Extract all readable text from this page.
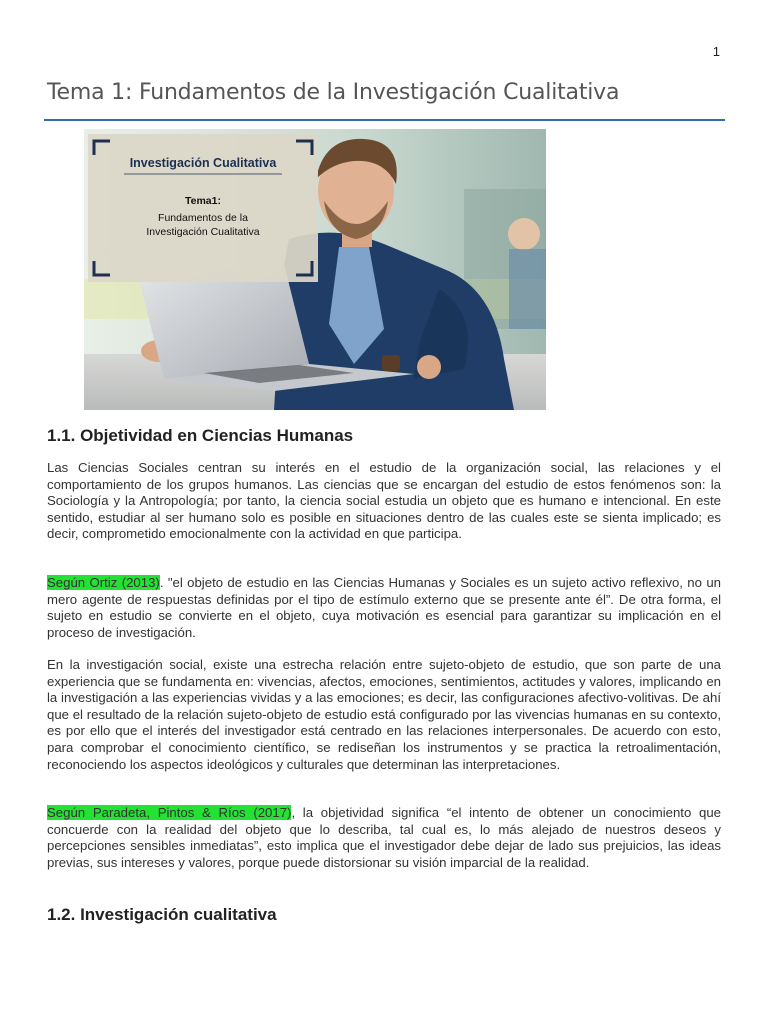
1
Tema 1: Fundamentos de la Investigación Cualitativa
Investigación Cualitativa
Tema1:
Fundamentos de la
Investigación Cualitativa
1.1. Objetividad en Ciencias Humanas

Las Ciencias Sociales centran su interés en el estudio de la organización social, las relaciones y el comportamiento de los grupos humanos. Las ciencias que se encargan del estudio de estos fenómenos son: la Sociología y la Antropología; por tanto, la ciencia social estudia un objeto que es humano e intencional. En este sentido, estudiar al ser humano solo es posible en situaciones dentro de las cuales este se sienta implicado; es decir, comprometido emocionalmente con la actividad en que participa.

Según Ortiz (2013). "el objeto de estudio en las Ciencias Humanas y Sociales es un sujeto activo reflexivo, no un mero agente de respuestas definidas por el tipo de estímulo externo que se presente ante él”. De otra forma, el sujeto en estudio se convierte en el objeto, cuya motivación es esencial para garantizar su implicación en el proceso de investigación.

En la investigación social, existe una estrecha relación entre sujeto-objeto de estudio, que son parte de una experiencia que se fundamenta en: vivencias, afectos, emociones, sentimientos, actitudes y valores, implicando en la investigación a las experiencias vividas y a las emociones; es decir, las configuraciones afectivo-volitivas. De ahí que el resultado de la relación sujeto-objeto de estudio está configurado por las vivencias humanas en su contexto, es por ello que el interés del investigador está centrado en las relaciones interpersonales. De acuerdo con esto, para comprobar el conocimiento científico, se rediseñan los instrumentos y se practica la retroalimentación, reconociendo los aspectos ideológicos y culturales que determinan las interpretaciones.

Según Paradeta, Pintos & Ríos (2017), la objetividad significa “el intento de obtener un conocimiento que concuerde con la realidad del objeto que lo describa, tal cual es, lo más alejado de nuestros deseos y percepciones sensibles inmediatas”, esto implica que el investigador debe dejar de lado sus prejuicios, las ideas previas, sus intereses y valores, porque puede distorsionar su visión imparcial de la realidad.

1.2. Investigación cualitativa
